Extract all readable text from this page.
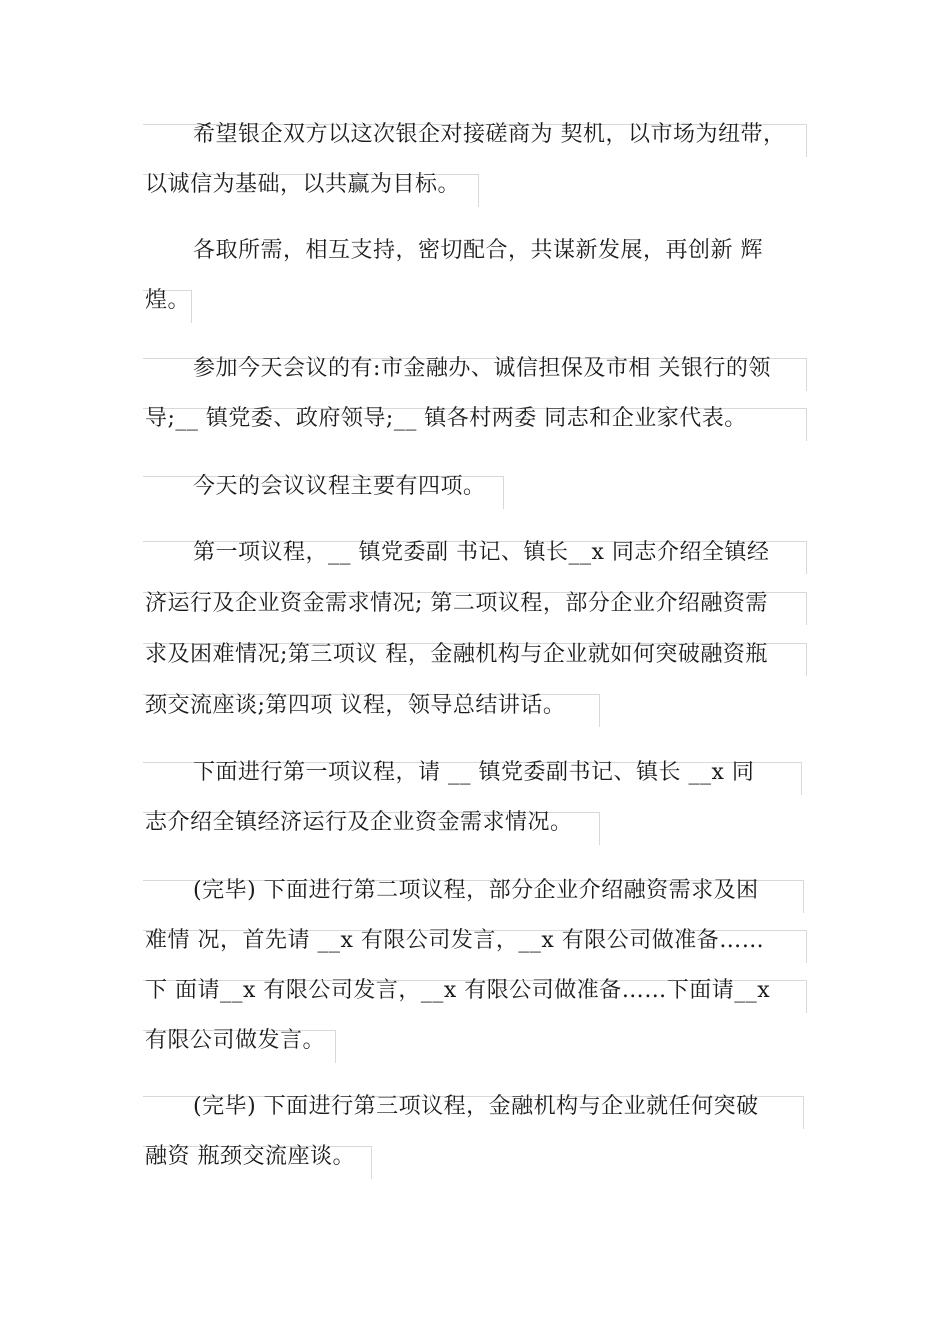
希望银企双方以这次银企对接磋商为 契机，以市场为纽带，
以诚信为基础，以共赢为目标。
各取所需，相互支持，密切配合，共谋新发展，再创新 辉
煌。
参加今天会议的有:市金融办、诚信担保及市相 关银行的领
导;__ 镇党委、政府领导;__ 镇各村两委 同志和企业家代表。
今天的会议议程主要有四项。
第一项议程，__ 镇党委副 书记、镇长__x 同志介绍全镇经
济运行及企业资金需求情况; 第二项议程，部分企业介绍融资需
求及困难情况;第三项议 程，金融机构与企业就如何突破融资瓶
颈交流座谈;第四项 议程，领导总结讲话。
下面进行第一项议程，请 __ 镇党委副书记、镇长 __x 同
志介绍全镇经济运行及企业资金需求情况。
(完毕) 下面进行第二项议程，部分企业介绍融资需求及困
难情 况，首先请 __x 有限公司发言，__x 有限公司做准备……
下 面请__x 有限公司发言，__x 有限公司做准备……下面请__x
有限公司做发言。
(完毕) 下面进行第三项议程，金融机构与企业就任何突破
融资 瓶颈交流座谈。
